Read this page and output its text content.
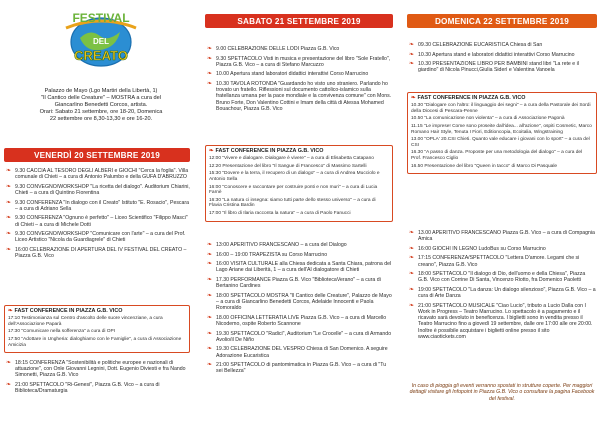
FESTIVAL
DEL
CREATO
Palazzo de Mayo (Lgo Martiri della Libertà, 1)
"Il Cantico delle Creature" – MOSTRA a cura del
Giancarlino Benedetti Corcos, artista.
Orari: Sabato 21 settembre, ore 18-20, Domenica
22 settembre ore 8,30-13,30 e ore 16-20.
VENERDÌ 20 SETTEMBRE 2019
❧ 9.30 CACCIA AL TESORO DEGLI ALBERI e GIOCHI "Cerca la foglia". Villa comunale di Chieti – a cura di Antonio Palumbo e della GUFA D'ABRUZZO
❧ 9.30 CONVEGNO/WORKSHOP "La ricetta del dialogo". Auditorium Chiarini, Chieti – a cura di Quintino Fiorentina
❧ 9.30 CONFERENZA "In dialogo con il Creato" Istituto "E. Rosacio", Pescara – a cura di Adriano Sella
❧ 9.30 CONFERENZA "Ognuno è perfetto" – Liceo Scientifico "Filippo Masci" di Chieti – a cura di Michele Dotti
❧ 9.30 CONVEGNO/WORKSHOP "Comunicare con l'arte" – a cura del Prof. Liceo Artistico "Nicola da Guardiagrele" di Chieti
❧ 16:00 CELEBRAZIONE DI APERTURA DEL IV FESTIVAL DEL CREATO – Piazza G.B. Vico
❧ FAST CONFERENCE IN PIAZZA G.B. VICO
17:10 Testimonianza sul Centro d'ascolto delle suore vincenziane, a cura dell'Associazione Paparà
17:30 "Comunicare nella sofferenza" a cura di OPI
17:50 "Adottare in Ungheria: dialoghiamo con le Famiglie", a cura di Associazione Amicizia
❧ 18:15 CONFERENZA "Sostenibilità e politiche europee e nazionali di attuazione", con Onle Giovanni Legnini, Dott. Eugenio Diviesti e fra Nando Simonetti, Piazza G.B. Vico
❧ 21:00 SPETTACOLO "Ri-Genesi", Piazza G.B. Vico – a cura di Biblioteca/Dramaturgia
SABATO 21 SETTEMBRE 2019
❧ 9.00 CELEBRAZIONE DELLE LODI Piazza G.B. Vico
❧ 9.30 SPETTACOLO Visti in musica e presentazione del libro "Sole Fratello", Piazza G.B. Vico – a cura di Stefano Marcuzzo
❧ 10.00 Apertura stand laboratori didattici interattivi Corso Marrucino
❧ 10.30 TAVOLA ROTONDA "Guardando ho visto uno straniero. Parlando ho trovato un fratello. Riflessioni sul documento cattolico-islamico sulla fratellanza umana per la pace mondiale e la convivenza comune" con Mons. Bruno Forte, Don Valentino Cottini e Imam della città di Atessa Mohamed Bouachour, Piazza G.B. Vico
❧ FAST CONFERENCE IN PIAZZA G.B. VICO
12:00 "Vivere e dialogare. Dialogare è vivere" – a cura di Elisabetta Catapano
12:20 Presentazione del libro "Il Sangue di Francesco" di Massimo Sartelli
15:30 "Dovere e la terra, il recupero di un dialogo" – a cura di Andrea Mucciolo e Antonio Sella
16:00 "Conoscere e raccontare per costruire ponti e non muri" – a cura di Lucia Farnè
16:30 "La natura ci insegna: siamo tutti parte dello stesso universo" – a cura di Flavia Cristina Bardin
17:00 "Il libro di Ilaria racconta la natura" – a cura di Paolo Fanucci
❧ 13:00 APERITIVO FRANCESCANO – a cura del Dialogo
❧ 16:00 – 19:00 TRAPEZISTA su Corso Marrucino
❧ 16:00 VISITA CULTURALE alla Chiesa dedicata a Santa Chiara, patrona del Lago Ariane dai Liberità, 1 – a cura dell'AI dialogatore di Chieti
❧ 17.30 PERFORMANCE Piazza G.B. Vico "BibliotecaVerano" – a cura di Bertanino Cardines
❧ 18:00 SPETTACOLO MOSTRA "Il Cantico delle Creature", Palazzo de Mayo – a cura di Giancarlino Benedetti Corcos, Adelaide Innocenti e Paola Romoraldo
❧ 18.00 OFFICINA LETTERATIA LIVE Piazza G.B. Vico – a cura di Marcello Nicodemo, ospite Roberto Scannone
❧ 19.30 SPETTACOLO "Radici", Auditorium "Le Crocelle" – a cura di Armando Avolio/il De Niño
❧ 19.30 CELEBRAZIONE DEL VESPRO Chiesa di San Domenico. A seguire Adorazione Eucaristica
❧ 21:00 SPETTACOLO di pantomimatica in Piazza G.B. Vico – a cura di "Tu sei Bellezza"
DOMENICA 22 SETTEMBRE 2019
❧ 09.30 CELEBRAZIONE EUCARISTICA Chiesa di San
❧ 10.30 Apertura stand e laboratori didattici interattivi Corso Marrucino
❧ 10.30 PRESENTAZIONE LIBRO PER BAMBINI stand libri "La rete e il giardino" di Nicola Pinucci,Giulia Siderì e Valentina Vanoela
❧ FAST CONFERENCE IN PIAZZA G.B. VICO
10.30 "Dialogare con l'altro: il linguaggio dei segni" – a cura della Pastorale dei Sordi della Diocesi di Pescara-Penne
10.50 "La comunicazione non violenta" – a cura di Associazione Pagonà
11.15 "Le imprese! Come sono proseite dall'idea... all'azione", ospiti Cosmetic, Marco Romano Hair Style, Tenuta I Fiori, Editioncopia, Ecoitalia, Wingstraining
13.00 "OPLA' 20.CSI Chieti. Quanto vale educare i giovani con lo sport" – a cura del CSI
16.30 "A passo di danza. Proposte per una metodologia del dialogo" – a cura del Prof. Francesco Ciglio
16.50 Presentazione del libro "Queen in tacco" di Marco Di Pasquale
❧ 13.00 APERITIVO FRANCESCANO Piazza G.B. Vico – a cura di Compagnia Amica
❧ 16:00 GIOCHI IN LEGNO LudoBus su Corso Marrucino
❧ 17:15 CONFERENZA/SPETTACOLO "Lettera D'amore. Legami che si creano", Piazza G.B. Vico
❧ 18:00 SPETTACOLO "Il dialogo di Dio, dell'uomo e della Chiesa", Piazza G.B. Vico con Corrine Di Santa, Vincenzo Riotto, fra Domenico Paoletti
❧ 19:00 SPETTACOLO "La danza: Un dialogo silenzioso", Piazza G.B. Vico – a cura di Arte Danza
❧ 21:00 SPETTACOLO MUSICALE "Ciao Lucio", tributo a Lucio Dalla con I Work in Progress – Teatro Marrucino. Lo spettacolo è a pagamento e il ricavato sarà devoluto in beneficenza. I biglietti sono in vendita presso il Teatro Marrucino fino a giovedì 19 settembre, dalle ore 17:00 alle ore 20:00. Inoltre è possibile acquistare i biglietti online presso il sito www.ciaotickets.com
In caso di pioggia gli eventi verranno spostati in strutture coperte. Per maggiori dettagli visitare gli Infopoint in Piazza G.B. Vico o consultare la pagina Facebook del festival.
